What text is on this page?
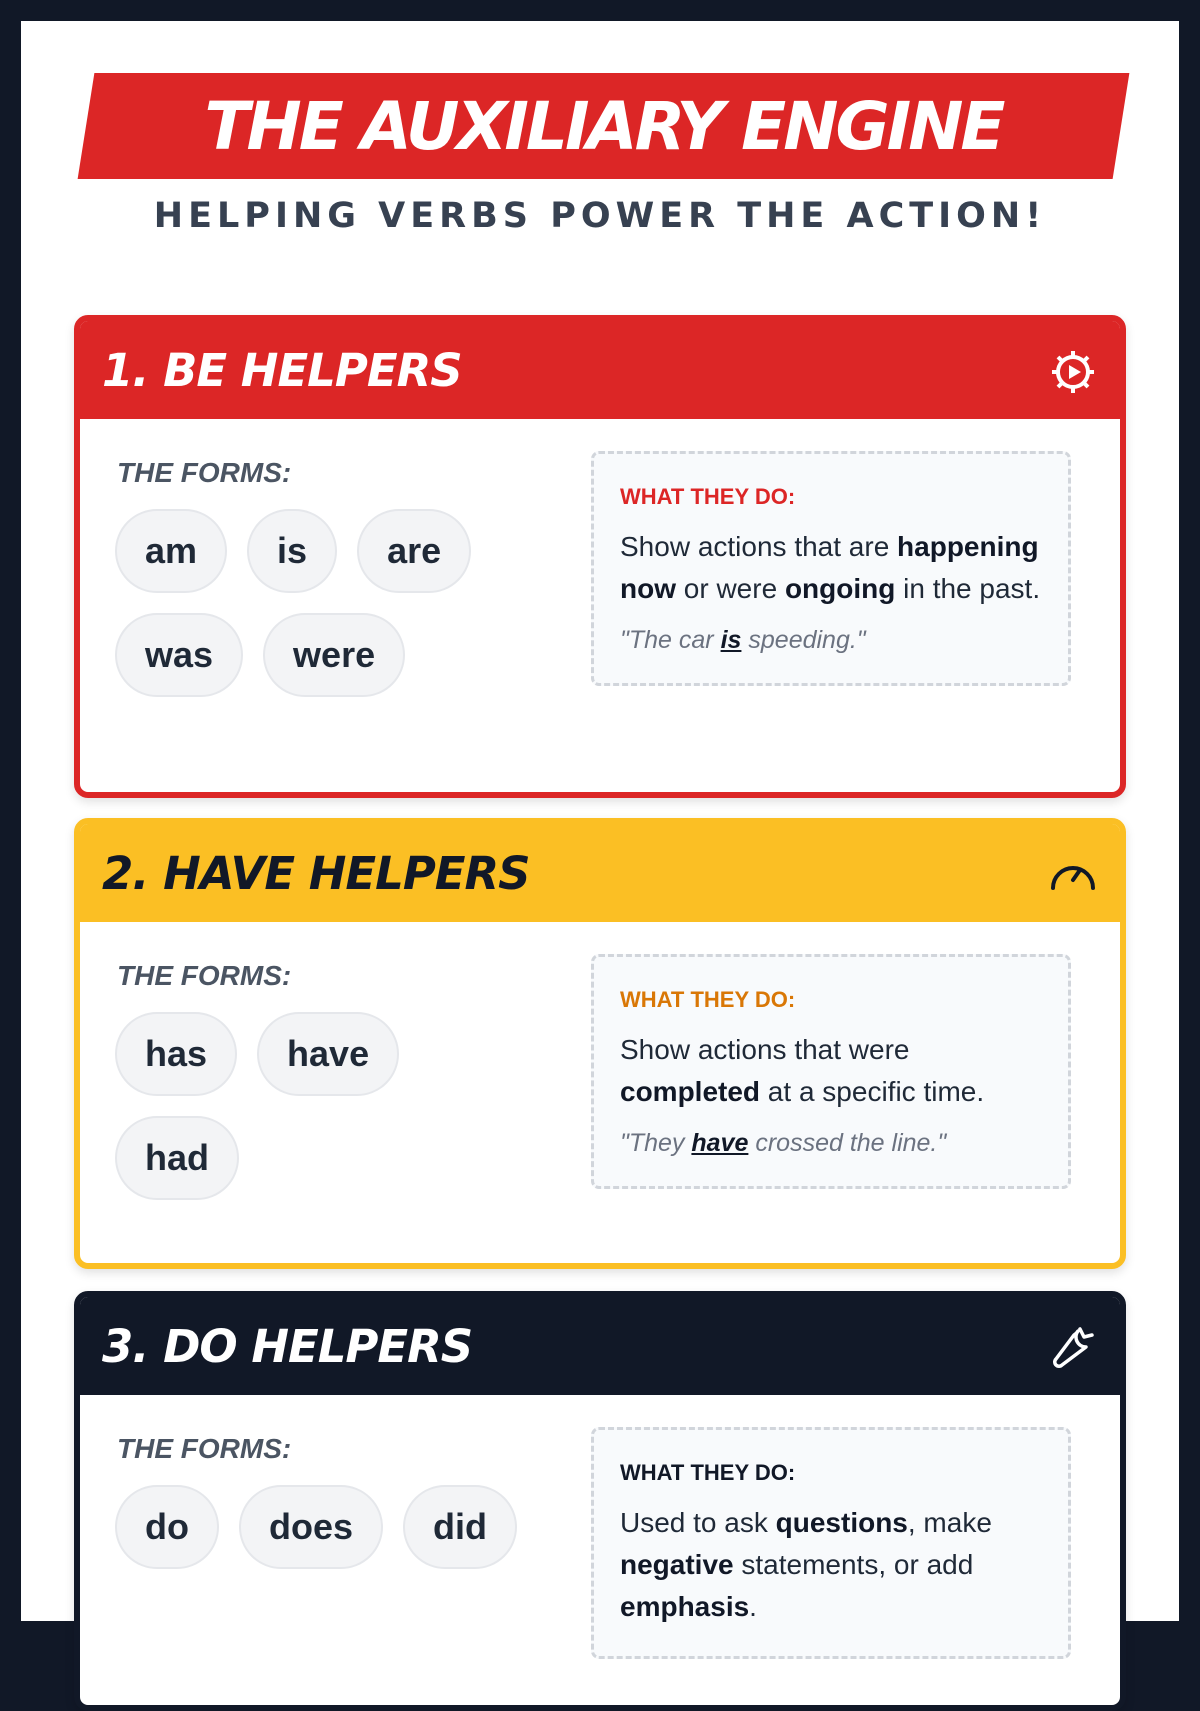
THE AUXILIARY ENGINE
HELPING VERBS POWER THE ACTION!
1. BE HELPERS
THE FORMS:
am	is	are
was	were
WHAT THEY DO:
Show actions that are happening now or were ongoing in the past.
"The car is speeding."
2. HAVE HELPERS
THE FORMS:
has	have
had
WHAT THEY DO:
Show actions that were completed at a specific time.
"They have crossed the line."
3. DO HELPERS
THE FORMS:
do	does	did
WHAT THEY DO:
Used to ask questions, make negative statements, or add emphasis.
